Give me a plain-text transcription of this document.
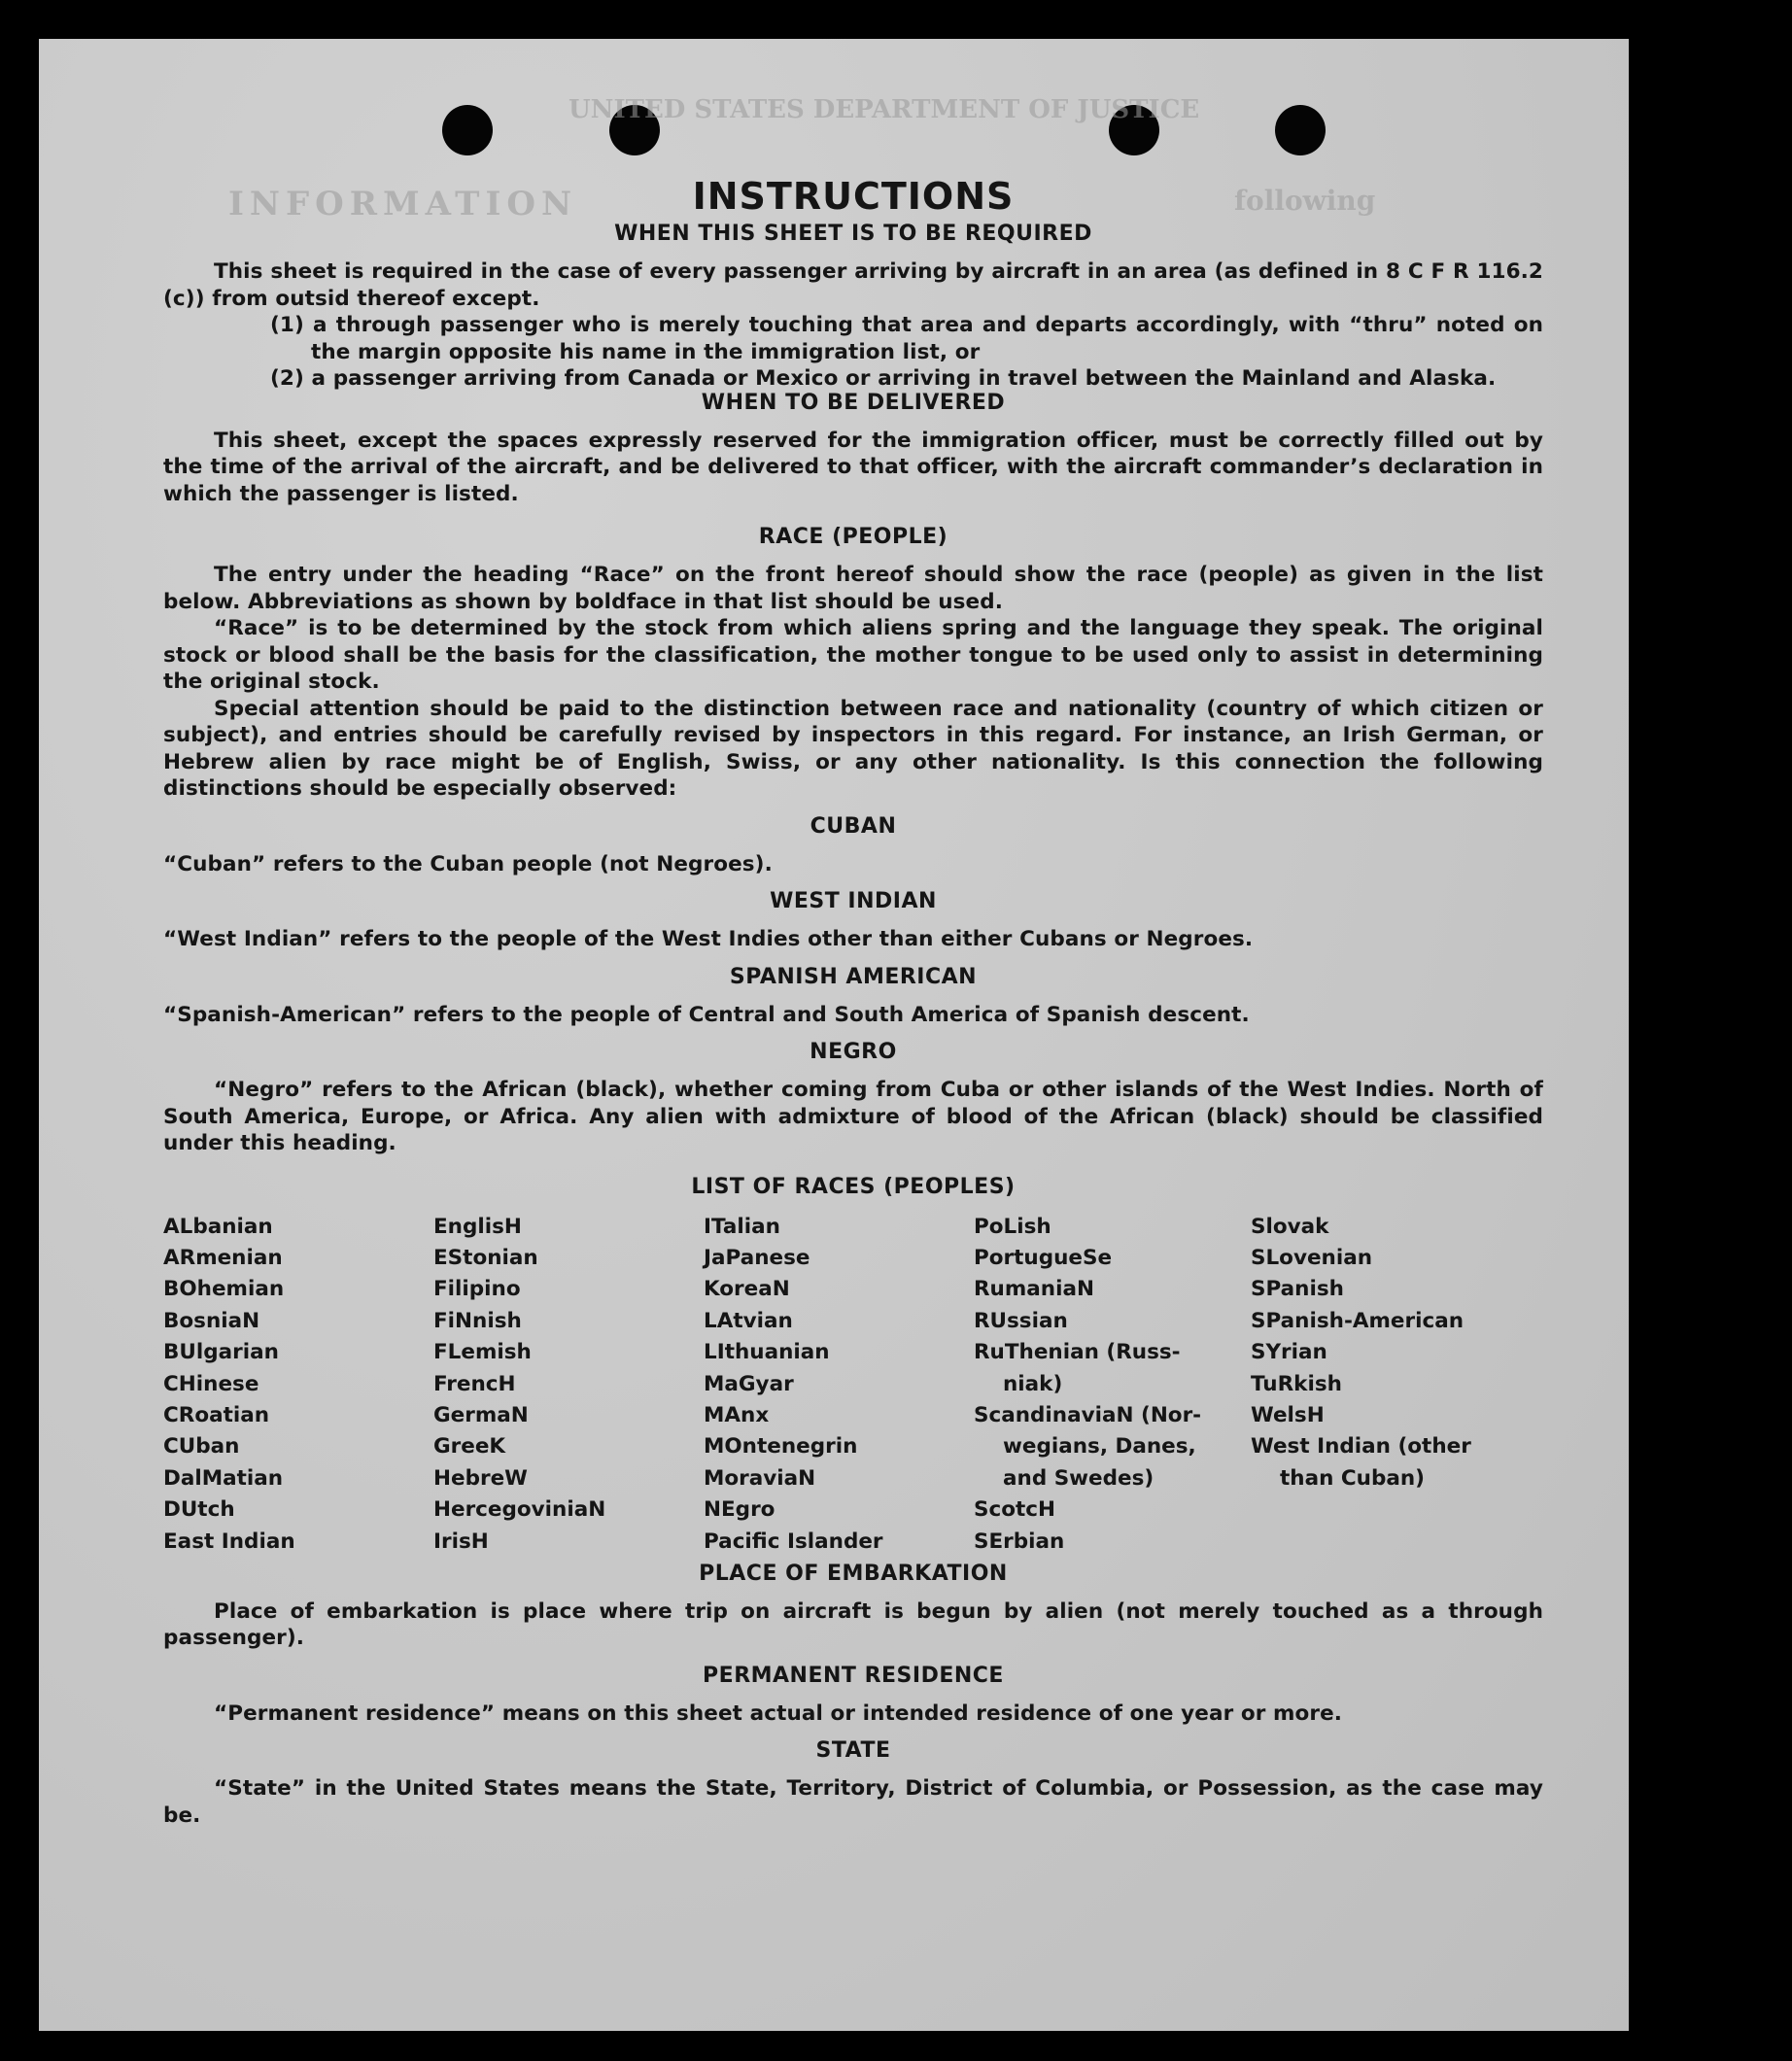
UNITED STATES DEPARTMENT OF JUSTICE
INFORMATION	following
INSTRUCTIONS
WHEN THIS SHEET IS TO BE REQUIRED

This sheet is required in the case of every passenger arriving by aircraft in an area (as defined in 8 C F R 116.2 (c)) from outsid thereof except.

(1) a through passenger who is merely touching that area and departs accordingly, with “thru” noted on the margin opposite his name in the immigration list, or

(2) a passenger arriving from Canada or Mexico or arriving in travel between the Mainland and Alaska.

WHEN TO BE DELIVERED

This sheet, except the spaces expressly reserved for the immigration officer, must be correctly filled out by the time of the arrival of the aircraft, and be delivered to that officer, with the aircraft commander’s declaration in which the passenger is listed.

RACE (PEOPLE)

The entry under the heading “Race” on the front hereof should show the race (people) as given in the list below. Abbreviations as shown by boldface in that list should be used.

“Race” is to be determined by the stock from which aliens spring and the language they speak. The original stock or blood shall be the basis for the classification, the mother tongue to be used only to assist in determining the original stock.

Special attention should be paid to the distinction between race and nationality (country of which citizen or subject), and entries should be carefully revised by inspectors in this regard. For instance, an Irish German, or Hebrew alien by race might be of English, Swiss, or any other nationality. Is this connection the following distinctions should be especially observed:

CUBAN

“Cuban” refers to the Cuban people (not Negroes).

WEST INDIAN

“West Indian” refers to the people of the West Indies other than either Cubans or Negroes.

SPANISH AMERICAN

“Spanish-American” refers to the people of Central and South America of Spanish descent.

NEGRO

“Negro” refers to the African (black), whether coming from Cuba or other islands of the West Indies. North of South America, Europe, or Africa. Any alien with admixture of blood of the African (black) should be classified under this heading.

LIST OF RACES (PEOPLES)
ALbanian
ARmenian
BOhemian
BosniaN
BUlgarian
CHinese
CRoatian
CUban
DalMatian
DUtch
East Indian
EnglisH
EStonian
Filipino
FiNnish
FLemish
FrencH
GermaN
GreeK
HebreW
HercegoviniaN
IrisH
ITalian
JaPanese
KoreaN
LAtvian
LIthuanian
MaGyar
MAnx
MOntenegrin
MoraviaN
NEgro
Pacific Islander
PoLish
PortugueSe
RumaniaN
RUssian
RuThenian (Russ-
niak)
ScandinaviaN (Nor-
wegians, Danes,
and Swedes)
ScotcH
SErbian
Slovak
SLovenian
SPanish
SPanish-American
SYrian
TuRkish
WelsH
West Indian (other
than Cuban)
PLACE OF EMBARKATION

Place of embarkation is place where trip on aircraft is begun by alien (not merely touched as a through passenger).

PERMANENT RESIDENCE

“Permanent residence” means on this sheet actual or intended residence of one year or more.

STATE

“State” in the United States means the State, Territory, District of Columbia, or Possession, as the case may be.
